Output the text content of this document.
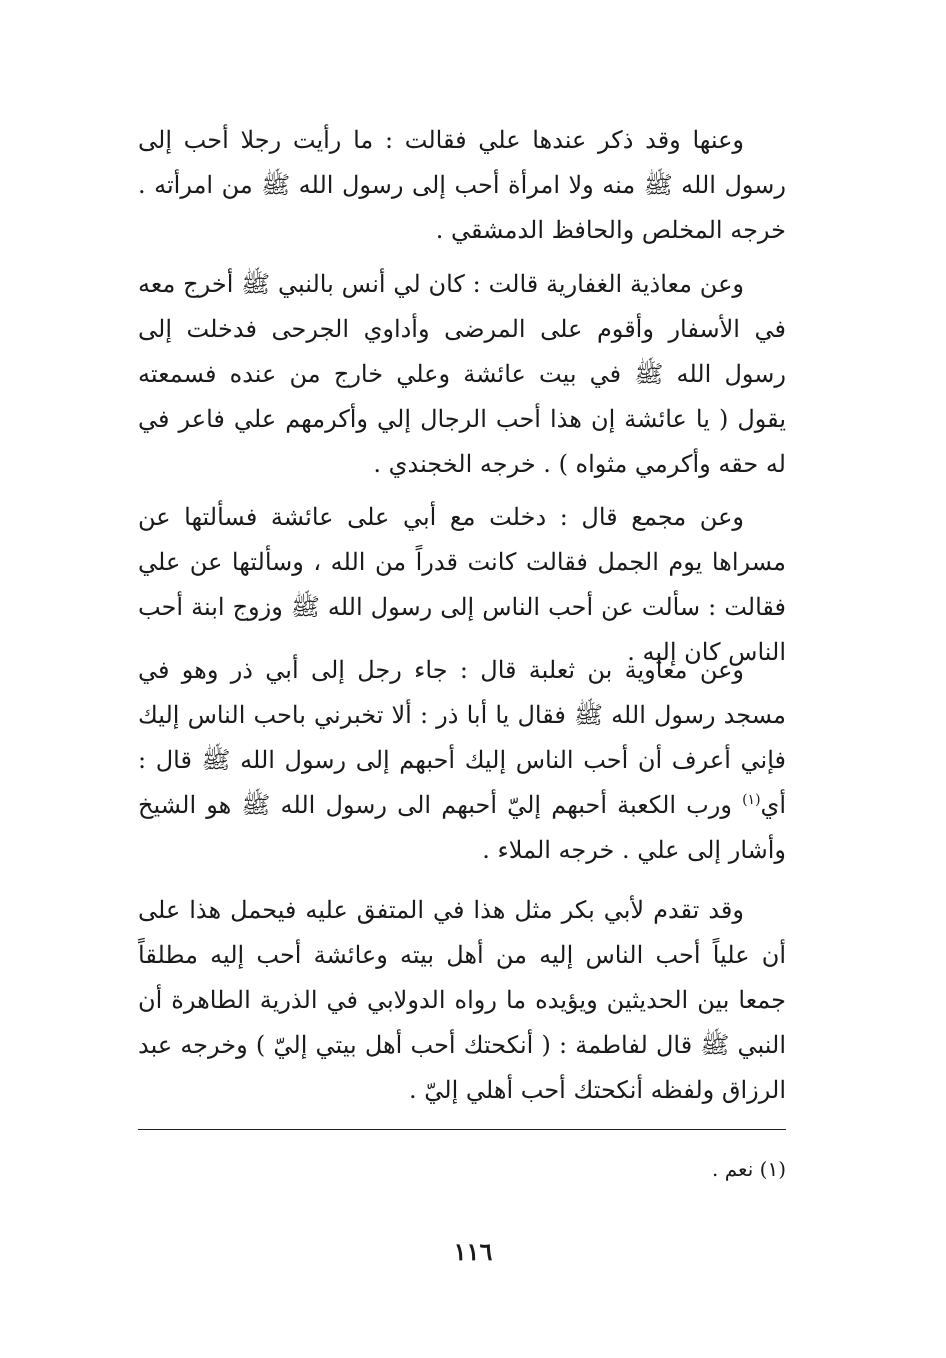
وعنها وقد ذكر عندها علي فقالت : ما رأيت رجلا أحب إلى رسول الله ﷺ منه ولا امرأة أحب إلى رسول الله ﷺ من امرأته . خرجه المخلص والحافظ الدمشقي .

وعن معاذية الغفارية قالت : كان لي أنس بالنبي ﷺ أخرج معه في الأسفار وأقوم على المرضى وأداوي الجرحى فدخلت إلى رسول الله ﷺ في بيت عائشة وعلي خارج من عنده فسمعته يقول ( يا عائشة إن هذا أحب الرجال إلي وأكرمهم علي فاعر في له حقه وأكرمي مثواه ) . خرجه الخجندي .

وعن مجمع قال : دخلت مع أبي على عائشة فسألتها عن مسراها يوم الجمل فقالت كانت قدراً من الله ، وسألتها عن علي فقالت : سألت عن أحب الناس إلى رسول الله ﷺ وزوج ابنة أحب الناس كان إليه .

وعن معاوية بن ثعلبة قال : جاء رجل إلى أبي ذر وهو في مسجد رسول الله ﷺ فقال يا أبا ذر : ألا تخبرني باحب الناس إليك فإني أعرف أن أحب الناس إليك أحبهم إلى رسول الله ﷺ قال : أي$^{(١)}$ ورب الكعبة أحبهم إليّ أحبهم الى رسول الله ﷺ هو الشيخ وأشار إلى علي . خرجه الملاء .

وقد تقدم لأبي بكر مثل هذا في المتفق عليه فيحمل هذا على أن علياً أحب الناس إليه من أهل بيته وعائشة أحب إليه مطلقاً جمعا بين الحديثين ويؤيده ما رواه الدولابي في الذرية الطاهرة أن النبي ﷺ قال لفاطمة : ( أنكحتك أحب أهل بيتي إليّ ) وخرجه عبد الرزاق ولفظه أنكحتك أحب أهلي إليّ .

(١) نعم .
١١٦
